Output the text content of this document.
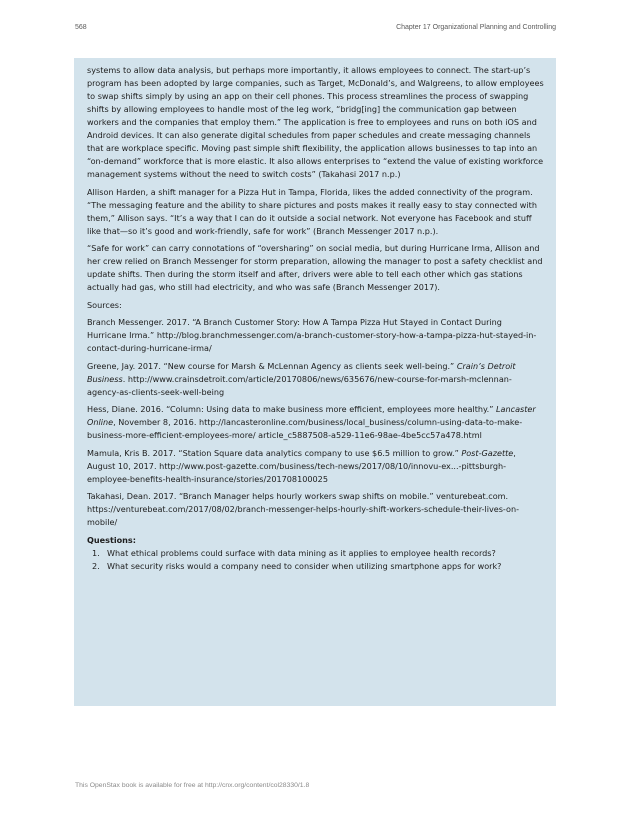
568	Chapter 17 Organizational Planning and Controlling

systems to allow data analysis, but perhaps more importantly, it allows employees to connect. The start-up’s program has been adopted by large companies, such as Target, McDonald’s, and Walgreens, to allow employees to swap shifts simply by using an app on their cell phones. This process streamlines the process of swapping shifts by allowing employees to handle most of the leg work, “bridg[ing] the communication gap between workers and the companies that employ them.” The application is free to employees and runs on both iOS and Android devices. It can also generate digital schedules from paper schedules and create messaging channels that are workplace specific. Moving past simple shift flexibility, the application allows businesses to tap into an “on-demand” workforce that is more elastic. It also allows enterprises to “extend the value of existing workforce management systems without the need to switch costs” (Takahasi 2017 n.p.)

Allison Harden, a shift manager for a Pizza Hut in Tampa, Florida, likes the added connectivity of the program. “The messaging feature and the ability to share pictures and posts makes it really easy to stay connected with them,” Allison says. “It’s a way that I can do it outside a social network. Not everyone has Facebook and stuff like that—so it’s good and work-friendly, safe for work” (Branch Messenger 2017 n.p.).

“Safe for work” can carry connotations of “oversharing” on social media, but during Hurricane Irma, Allison and her crew relied on Branch Messenger for storm preparation, allowing the manager to post a safety checklist and update shifts. Then during the storm itself and after, drivers were able to tell each other which gas stations actually had gas, who still had electricity, and who was safe (Branch Messenger 2017).

Sources:

Branch Messenger. 2017. “A Branch Customer Story: How A Tampa Pizza Hut Stayed in Contact During Hurricane Irma.” http://blog.branchmessenger.com/a-branch-customer-story-how-a-tampa-pizza-hut-stayed-in-contact-during-hurricane-irma/

Greene, Jay. 2017. “New course for Marsh & McLennan Agency as clients seek well-being.” Crain’s Detroit Business. http://www.crainsdetroit.com/article/20170806/news/635676/new-course-for-marsh-mclennan-agency-as-clients-seek-well-being

Hess, Diane. 2016. “Column: Using data to make business more efficient, employees more healthy.” Lancaster Online, November 8, 2016. http://lancasteronline.com/business/local_business/column-using-data-to-make-business-more-efficient-employees-more/ article_c5887508-a529-11e6-98ae-4be5cc57a478.html

Mamula, Kris B. 2017. “Station Square data analytics company to use $6.5 million to grow.” Post-Gazette, August 10, 2017. http://www.post-gazette.com/business/tech-news/2017/08/10/innovu-ex...-pittsburgh-employee-benefits-health-insurance/stories/201708100025

Takahasi, Dean. 2017. “Branch Manager helps hourly workers swap shifts on mobile.” venturebeat.com. https://venturebeat.com/2017/08/02/branch-messenger-helps-hourly-shift-workers-schedule-their-lives-on-mobile/

Questions:
1. What ethical problems could surface with data mining as it applies to employee health records?
2. What security risks would a company need to consider when utilizing smartphone apps for work?
This OpenStax book is available for free at http://cnx.org/content/col28330/1.8
